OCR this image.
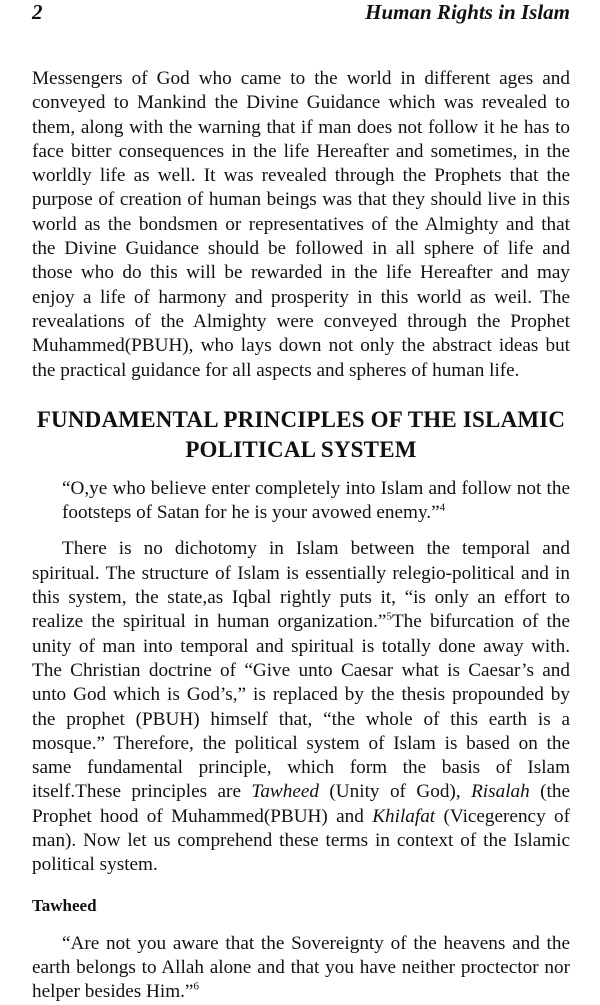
2	Human Rights in Islam

Messengers of God who came to the world in different ages and conveyed to Mankind the Divine Guidance which was revealed to them, along with the warning that if man does not follow it he has to face bitter consequences in the life Hereafter and sometimes, in the worldly life as well. It was revealed through the Prophets that the purpose of creation of human beings was that they should live in this world as the bondsmen or representatives of the Almighty and that the Divine Guidance should be followed in all sphere of life and those who do this will be rewarded in the life Hereafter and may enjoy a life of harmony and prosperity in this world as weil. The revealations of the Almighty were conveyed through the Prophet Muhammed(PBUH), who lays down not only the abstract ideas but the practical guidance for all aspects and spheres of human life.

FUNDAMENTAL PRINCIPLES OF THE ISLAMIC
POLITICAL SYSTEM

“O,ye who believe enter completely into Islam and follow not the footsteps of Satan for he is your avowed enemy.”$^4$

There is no dichotomy in Islam between the temporal and spiritual. The structure of Islam is essentially relegio-political and in this system, the state,as Iqbal rightly puts it, “is only an effort to realize the spiritual in human organization.”$^5$The bifurcation of the unity of man into temporal and spiritual is totally done away with. The Christian doctrine of “Give unto Caesar what is Caesar’s and unto God which is God’s,” is replaced by the thesis propounded by the prophet (PBUH) himself that, “the whole of this earth is a mosque.” Therefore, the political system of Islam is based on the same fundamental principle, which form the basis of Islam itself.These principles are Tawheed (Unity of God), Risalah (the Prophet hood of Muhammed(PBUH) and Khilafat (Vicegerency of man). Now let us comprehend these terms in context of the Islamic political system.

Tawheed

“Are not you aware that the Sovereignty of the heavens and the earth belongs to Allah alone and that you have neither proctector nor helper besides Him.”$^6$
